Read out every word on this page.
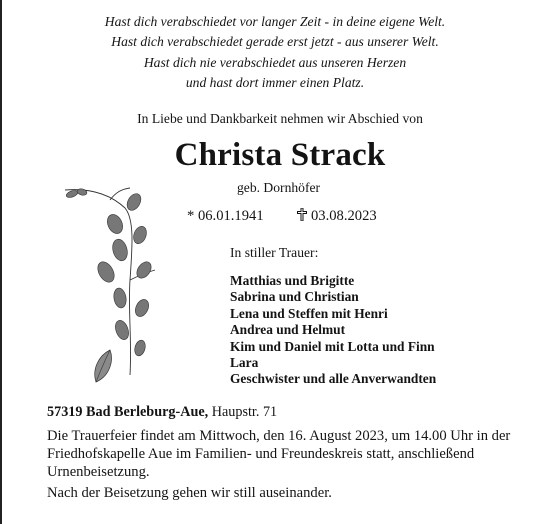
Hast dich verabschiedet vor langer Zeit - in deine eigene Welt.
Hast dich verabschiedet gerade erst jetzt - aus unserer Welt.
Hast dich nie verabschiedet aus unseren Herzen
und hast dort immer einen Platz.
In Liebe und Dankbarkeit nehmen wir Abschied von
Christa Strack
geb. Dornhöfer
* 06.01.1941	03.08.2023
In stiller Trauer:
Matthias und Brigitte
Sabrina und Christian
Lena und Steffen mit Henri
Andrea und Helmut
Kim und Daniel mit Lotta und Finn
Lara
Geschwister und alle Anverwandten
57319 Bad Berleburg-Aue, Haupstr. 71

Die Trauerfeier findet am Mittwoch, den 16. August 2023, um 14.00 Uhr in der Friedhofskapelle Aue im Familien- und Freundeskreis statt, anschließend Urnenbeisetzung.

Nach der Beisetzung gehen wir still auseinander.
